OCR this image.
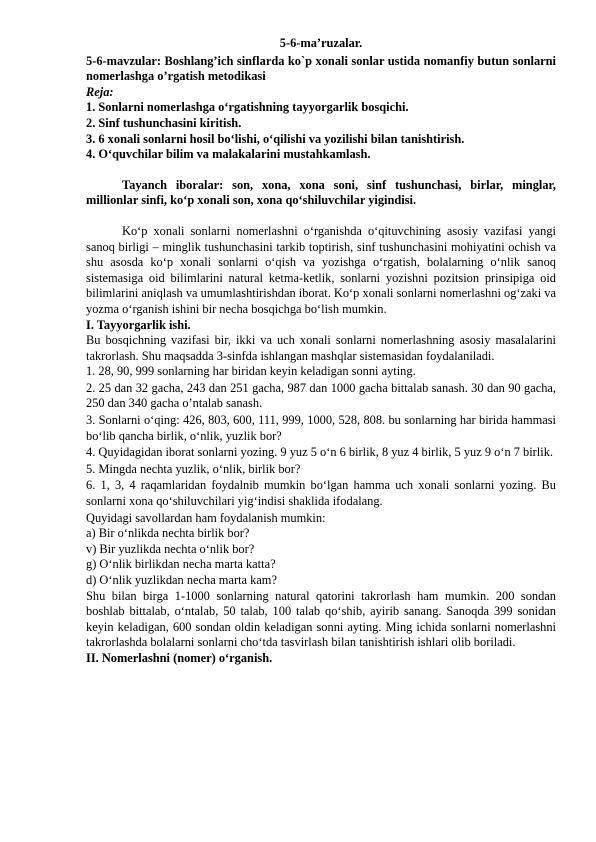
5-6-ma’ruzalar.

5-6-mavzular: Boshlang’ich sinflarda ko`p xonali sonlar ustida nomanfiy butun sonlarni nomerlashga o’rgatish metodikasi

Reja:

1. Sonlarni nomerlashga o‘rgatishning tayyorgarlik bosqichi.

2. Sinf tushunchasini kiritish.

3. 6 xonali sonlarni hosil bo‘lishi, o‘qilishi va yozilishi bilan tanishtirish.

4. O‘quvchilar bilim va malakalarini mustahkamlash.

Tayanch iboralar: son, xona, xona soni, sinf tushunchasi, birlar, minglar, millionlar sinfi, ko‘p xonali son, xona qo‘shiluvchilar yigindisi.

Ko‘p xonali sonlarni nomerlashni o‘rganishda o‘qituvchining asosiy vazifasi yangi sanoq birligi – minglik tushunchasini tarkib toptirish, sinf tushunchasini mohiyatini ochish va shu asosda ko‘p xonali sonlarni o‘qish va yozishga o‘rgatish, bolalarning o‘nlik sanoq sistemasiga oid bilimlarini natural ketma-ketlik, sonlarni yozishni pozitsion prinsipiga oid bilimlarini aniqlash va umumlashtirishdan iborat. Ko‘p xonali sonlarni nomerlashni og‘zaki va yozma o‘rganish ishini bir necha bosqichga bo‘lish mumkin.

I. Tayyorgarlik ishi.

Bu bosqichning vazifasi bir, ikki va uch xonali sonlarni nomerlashning asosiy masalalarini takrorlash. Shu maqsadda 3-sinfda ishlangan mashqlar sistemasidan foydalaniladi.

1. 28, 90, 999 sonlarning har biridan keyin keladigan sonni ayting.

2. 25 dan 32 gacha, 243 dan 251 gacha, 987 dan 1000 gacha bittalab sanash. 30 dan 90 gacha, 250 dan 340 gacha o’ntalab sanash.

3. Sonlarni o‘qing: 426, 803, 600, 111, 999, 1000, 528, 808. bu sonlarning har birida hammasi bo‘lib qancha birlik, o‘nlik, yuzlik bor?

4. Quyidagidan iborat sonlarni yozing. 9 yuz 5 o‘n 6 birlik, 8 yuz 4 birlik, 5 yuz 9 o‘n 7 birlik.

5. Mingda nechta yuzlik, o‘nlik, birlik bor?

6. 1, 3, 4 raqamlaridan foydalnib mumkin bo‘lgan hamma uch xonali sonlarni yozing. Bu sonlarni xona qo‘shiluvchilari yig‘indisi shaklida ifodalang.

Quyidagi savollardan ham foydalanish mumkin:

a) Bir o‘nlikda nechta birlik bor?

v) Bir yuzlikda nechta o‘nlik bor?

g) O‘nlik birlikdan necha marta katta?

d) O‘nlik yuzlikdan necha marta kam?

Shu bilan birga 1-1000 sonlarning natural qatorini takrorlash ham mumkin. 200 sondan boshlab bittalab, o‘ntalab, 50 talab, 100 talab qo‘shib, ayirib sanang. Sanoqda 399 sonidan keyin keladigan, 600 sondan oldin keladigan sonni ayting. Ming ichida sonlarni nomerlashni takrorlashda bolalarni sonlarni cho‘tda tasvirlash bilan tanishtirish ishlari olib boriladi.

II. Nomerlashni (nomer) o‘rganish.
